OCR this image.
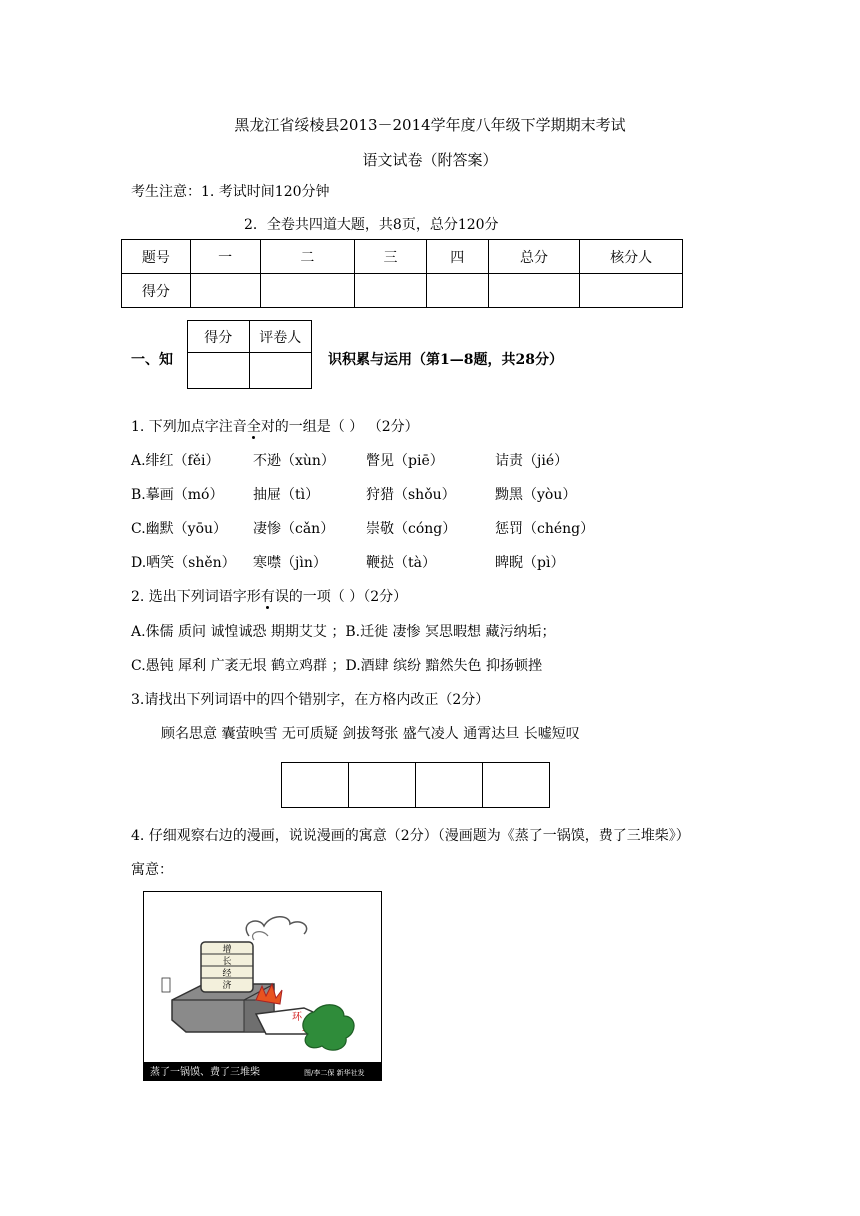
黑龙江省绥棱县2013－2014学年度八年级下学期期末考试
语文试卷（附答案）
考生注意：1. 考试时间120分钟
2．全卷共四道大题，共8页，总分120分
题号	一	二	三	四	总分	核分人
得分						
一、知
得分	评卷人

识积累与运用（第1—8题，共28分）
1. 下列加点字注音全对的一组是（ ） （2分）
A.绯红（fěi） 不逊（xùn） 瞥见（piē）	诘责（jié）
B.摹画（mó） 抽屉（tì）	狩猎（shǒu）	黝黑（yòu）
C.幽默（yōu） 凄惨（cǎn） 崇敬（cóng）	惩罚（chéng）
D.哂笑（shěn） 寒噤（jìn）	鞭挞（tà）	睥睨（pì）
2. 选出下列词语字形有误的一项（ ）（2分）
A.侏儒 质问 诚惶诚恐 期期艾艾 ；B.迁徙 凄惨 冥思暇想 藏污纳垢；
C.愚钝 犀利 广袤无垠 鹤立鸡群 ；D.酒肆 缤纷 黯然失色 抑扬顿挫
3.请找出下列词语中的四个错别字，在方格内改正（2分）
顾名思意 囊萤映雪 无可质疑 剑拔弩张 盛气凌人 通霄达旦 长嘘短叹

4. 仔细观察右边的漫画，说说漫画的寓意（2分）（漫画题为《蒸了一锅馍，费了三堆柴》）
寓意：
增
长
经
济
环
蒸了一锅馍、费了三堆柴	图/李二保 新华社发
